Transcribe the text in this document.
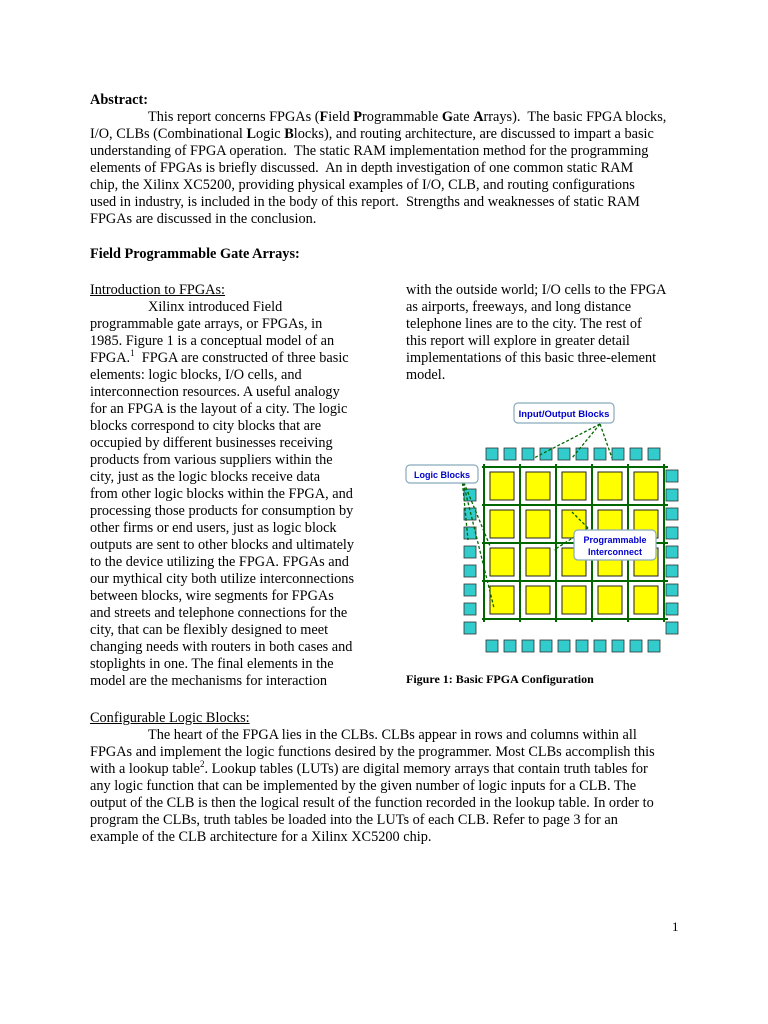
Abstract:
This report concerns FPGAs (Field Programmable Gate Arrays).  The basic FPGA blocks,
I/O, CLBs (Combinational Logic Blocks), and routing architecture, are discussed to impart a basic
understanding of FPGA operation.  The static RAM implementation method for the programming
elements of FPGAs is briefly discussed.  An in depth investigation of one common static RAM
chip, the Xilinx XC5200, providing physical examples of I/O, CLB, and routing configurations
used in industry, is included in the body of this report.  Strengths and weaknesses of static RAM
FPGAs are discussed in the conclusion.
Field Programmable Gate Arrays:
Introduction to FPGAs:
Xilinx introduced Field
programmable gate arrays, or FPGAs, in
1985. Figure 1 is a conceptual model of an
FPGA.$^1$  FPGA are constructed of three basic
elements: logic blocks, I/O cells, and
interconnection resources. A useful analogy
for an FPGA is the layout of a city. The logic
blocks correspond to city blocks that are
occupied by different businesses receiving
products from various suppliers within the
city, just as the logic blocks receive data
from other logic blocks within the FPGA, and
processing those products for consumption by
other firms or end users, just as logic block
outputs are sent to other blocks and ultimately
to the device utilizing the FPGA. FPGAs and
our mythical city both utilize interconnections
between blocks, wire segments for FPGAs
and streets and telephone connections for the
city, that can be flexibly designed to meet
changing needs with routers in both cases and
stoplights in one. The final elements in the
model are the mechanisms for interaction
with the outside world; I/O cells to the FPGA
as airports, freeways, and long distance
telephone lines are to the city. The rest of
this report will explore in greater detail
implementations of this basic three-element
model.
Input/Output Blocks
Logic Blocks
Programmable
Interconnect
Figure 1: Basic FPGA Configuration
Configurable Logic Blocks:
The heart of the FPGA lies in the CLBs. CLBs appear in rows and columns within all
FPGAs and implement the logic functions desired by the programmer. Most CLBs accomplish this
with a lookup table$^2$. Lookup tables (LUTs) are digital memory arrays that contain truth tables for
any logic function that can be implemented by the given number of logic inputs for a CLB. The
output of the CLB is then the logical result of the function recorded in the lookup table. In order to
program the CLBs, truth tables be loaded into the LUTs of each CLB. Refer to page 3 for an
example of the CLB architecture for a Xilinx XC5200 chip.
1
